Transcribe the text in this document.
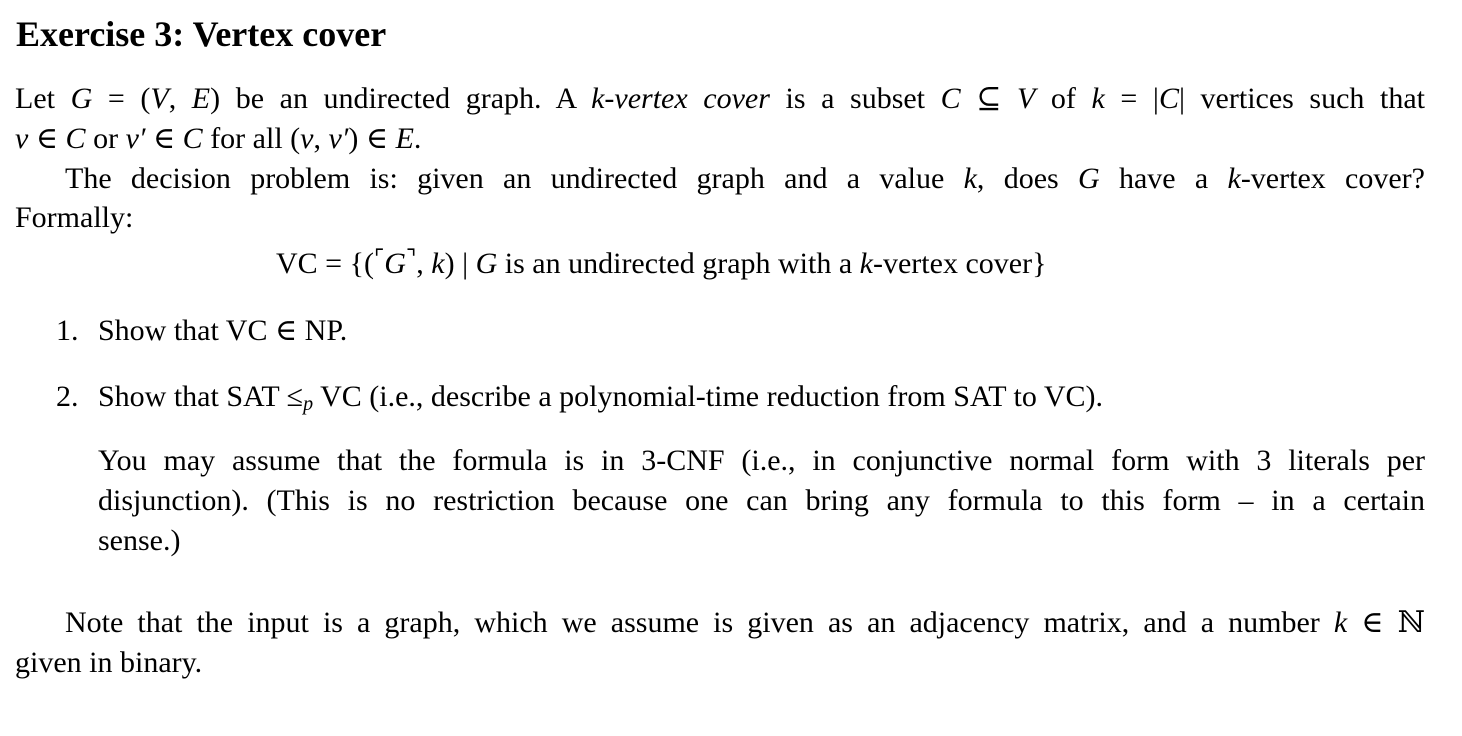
Exercise 3: Vertex cover
Let G = (V, E) be an undirected graph. A k-vertex cover is a subset C ⊆ V of k = |C| vertices such that
v ∈ C or v′ ∈ C for all (v, v′) ∈ E.
The decision problem is: given an undirected graph and a value k, does G have a k-vertex cover?
Formally:
VC = {(⌜G⌝, k) | G is an undirected graph with a k-vertex cover}
1. Show that VC ∈ NP.
2. Show that SAT $\le_p$ VC (i.e., describe a polynomial-time reduction from SAT to VC).
You may assume that the formula is in 3-CNF (i.e., in conjunctive normal form with 3 literals per
disjunction). (This is no restriction because one can bring any formula to this form – in a certain
sense.)
Note that the input is a graph, which we assume is given as an adjacency matrix, and a number k ∈ ℕ
given in binary.
